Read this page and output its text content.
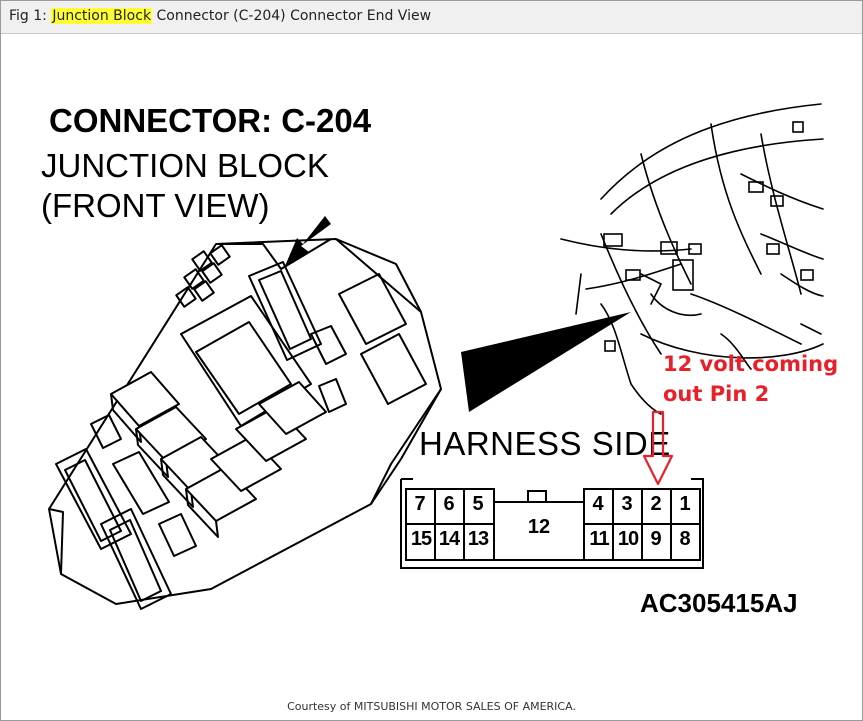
Fig 1: Junction Block Connector (C-204) Connector End View
CONNECTOR: C-204
JUNCTION BLOCK
(FRONT VIEW)
HARNESS SIDE
7 6 5	4 3 2 1
15 14 13
12
11 10 9 8
12 volt coming
out Pin 2
AC305415AJ
Courtesy of MITSUBISHI MOTOR SALES OF AMERICA.
